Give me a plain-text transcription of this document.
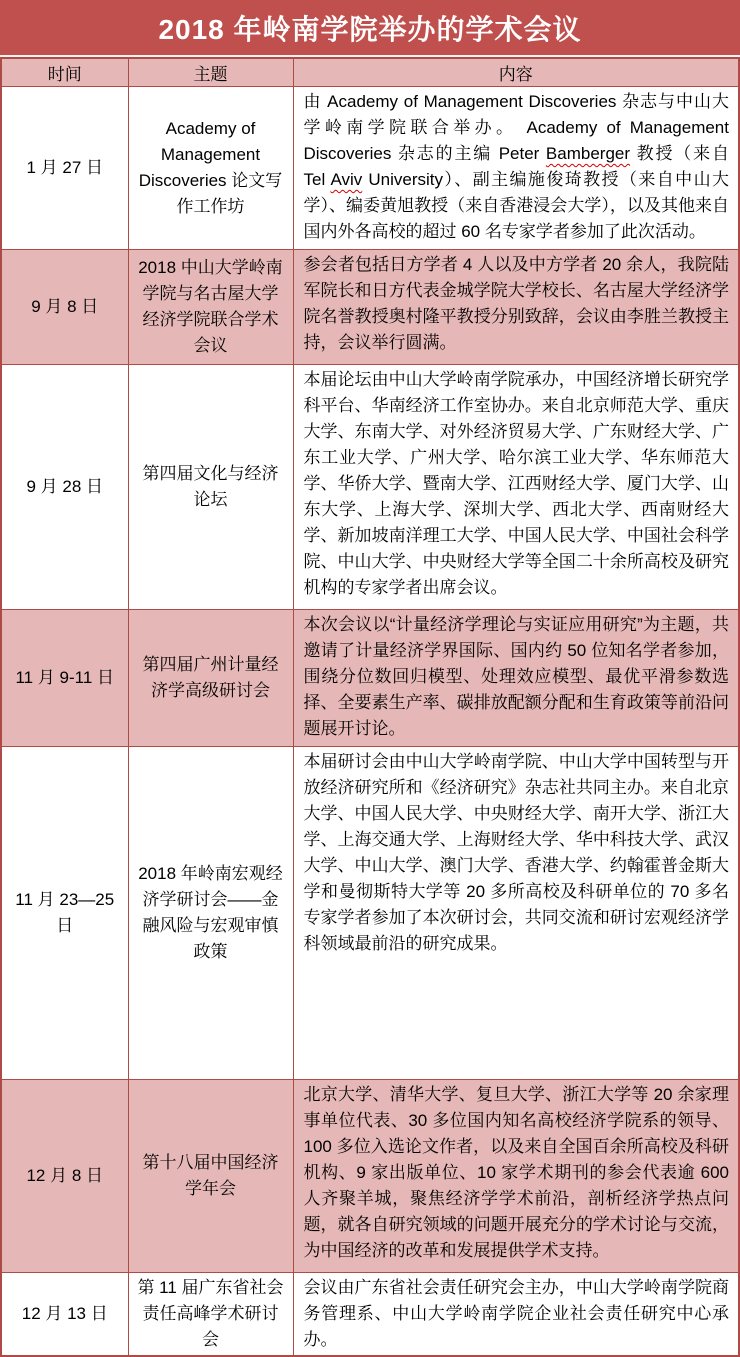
2018 年岭南学院举办的学术会议
时间	主题	内容
1 月 27 日	Academy of Management Discoveries 论文写作工作坊	由 Academy of Management Discoveries 杂志与中山大学岭南学院联合举办。 Academy of Management Discoveries 杂志的主编 Peter Bamberger 教授（来自 Tel Aviv University）、副主编施俊琦教授（来自中山大学）、编委黄旭教授（来自香港浸会大学），以及其他来自国内外各高校的超过 60 名专家学者参加了此次活动。
9 月 8 日	2018 中山大学岭南学院与名古屋大学经济学院联合学术会议	参会者包括日方学者 4 人以及中方学者 20 余人，我院陆军院长和日方代表金城学院大学校长、名古屋大学经济学院名誉教授奥村隆平教授分别致辞，会议由李胜兰教授主持，会议举行圆满。
9 月 28 日	第四届文化与经济论坛	本届论坛由中山大学岭南学院承办，中国经济增长研究学科平台、华南经济工作室协办。来自北京师范大学、重庆大学、东南大学、对外经济贸易大学、广东财经大学、广东工业大学、广州大学、哈尔滨工业大学、华东师范大学、华侨大学、暨南大学、江西财经大学、厦门大学、山东大学、上海大学、深圳大学、西北大学、西南财经大学、新加坡南洋理工大学、中国人民大学、中国社会科学院、中山大学、中央财经大学等全国二十余所高校及研究机构的专家学者出席会议。
11 月 9-11 日	第四届广州计量经济学高级研讨会	本次会议以“计量经济学理论与实证应用研究”为主题，共邀请了计量经济学界国际、国内约 50 位知名学者参加，围绕分位数回归模型、处理效应模型、最优平滑参数选择、全要素生产率、碳排放配额分配和生育政策等前沿问题展开讨论。
11 月 23—25 日	2018 年岭南宏观经济学研讨会——金融风险与宏观审慎政策	本届研讨会由中山大学岭南学院、中山大学中国转型与开放经济研究所和《经济研究》杂志社共同主办。来自北京大学、中国人民大学、中央财经大学、南开大学、浙江大学、上海交通大学、上海财经大学、华中科技大学、武汉大学、中山大学、澳门大学、香港大学、约翰霍普金斯大学和曼彻斯特大学等 20 多所高校及科研单位的 70 多名专家学者参加了本次研讨会，共同交流和研讨宏观经济学科领域最前沿的研究成果。
12 月 8 日	第十八届中国经济学年会	北京大学、清华大学、复旦大学、浙江大学等 20 余家理事单位代表、30 多位国内知名高校经济学院系的领导、100 多位入选论文作者，以及来自全国百余所高校及科研机构、9 家出版单位、10 家学术期刊的参会代表逾 600 人齐聚羊城，聚焦经济学学术前沿，剖析经济学热点问题，就各自研究领域的问题开展充分的学术讨论与交流，为中国经济的改革和发展提供学术支持。
12 月 13 日	第 11 届广东省社会责任高峰学术研讨会	会议由广东省社会责任研究会主办，中山大学岭南学院商务管理系、中山大学岭南学院企业社会责任研究中心承办。
